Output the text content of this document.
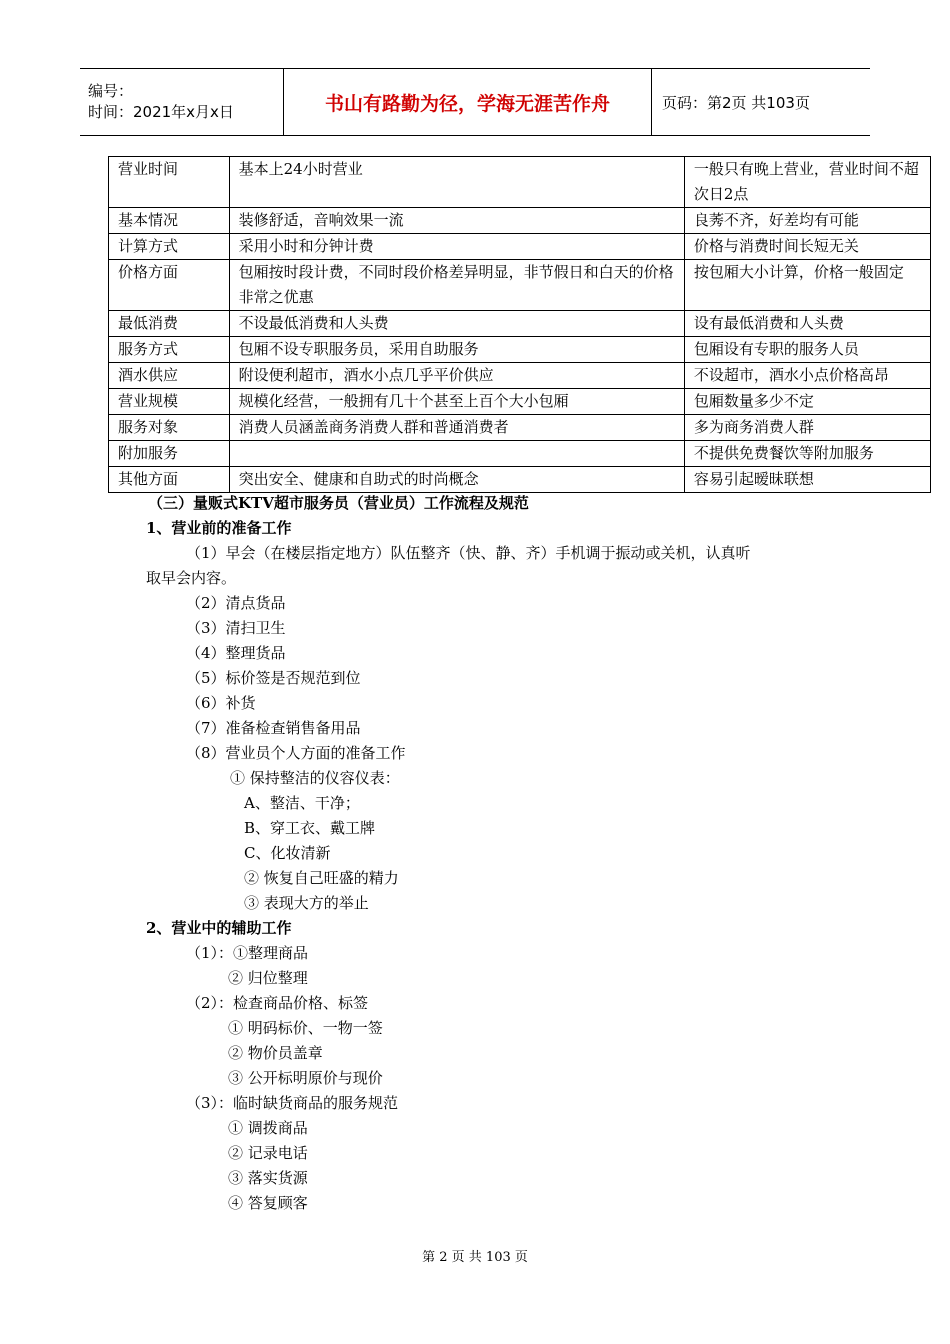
编号：
时间：2021年x月x日	书山有路勤为径，学海无涯苦作舟	页码：第2页 共103页
营业时间	基本上24小时营业	一般只有晚上营业，营业时间不超次日2点
基本情况	装修舒适，音响效果一流	良莠不齐，好差均有可能
计算方式	采用小时和分钟计费	价格与消费时间长短无关
价格方面	包厢按时段计费，不同时段价格差异明显，非节假日和白天的价格非常之优惠	按包厢大小计算，价格一般固定
最低消费	不设最低消费和人头费	设有最低消费和人头费
服务方式	包厢不设专职服务员，采用自助服务	包厢设有专职的服务人员
酒水供应	附设便利超市，酒水小点几乎平价供应	不设超市，酒水小点价格高昂
营业规模	规模化经营，一般拥有几十个甚至上百个大小包厢	包厢数量多少不定
服务对象	消费人员涵盖商务消费人群和普通消费者	多为商务消费人群
附加服务		不提供免费餐饮等附加服务
其他方面	突出安全、健康和自助式的时尚概念	容易引起暧昧联想
（三）量贩式KTV超市服务员（营业员）工作流程及规范
1、营业前的准备工作
（1）早会（在楼层指定地方）队伍整齐（快、静、齐）手机调于振动或关机，认真听
取早会内容。
（2）清点货品
（3）清扫卫生
（4）整理货品
（5）标价签是否规范到位
（6）补货
（7）准备检查销售备用品
（8）营业员个人方面的准备工作
① 保持整洁的仪容仪表：
A、整洁、干净；
B、穿工衣、戴工牌
C、化妆清新
② 恢复自己旺盛的精力
③ 表现大方的举止
2、营业中的辅助工作
（1）：①整理商品
② 归位整理
（2）：检查商品价格、标签
① 明码标价、一物一签
② 物价员盖章
③ 公开标明原价与现价
（3）：临时缺货商品的服务规范
① 调拨商品
② 记录电话
③ 落实货源
④ 答复顾客
第 2 页 共 103 页
